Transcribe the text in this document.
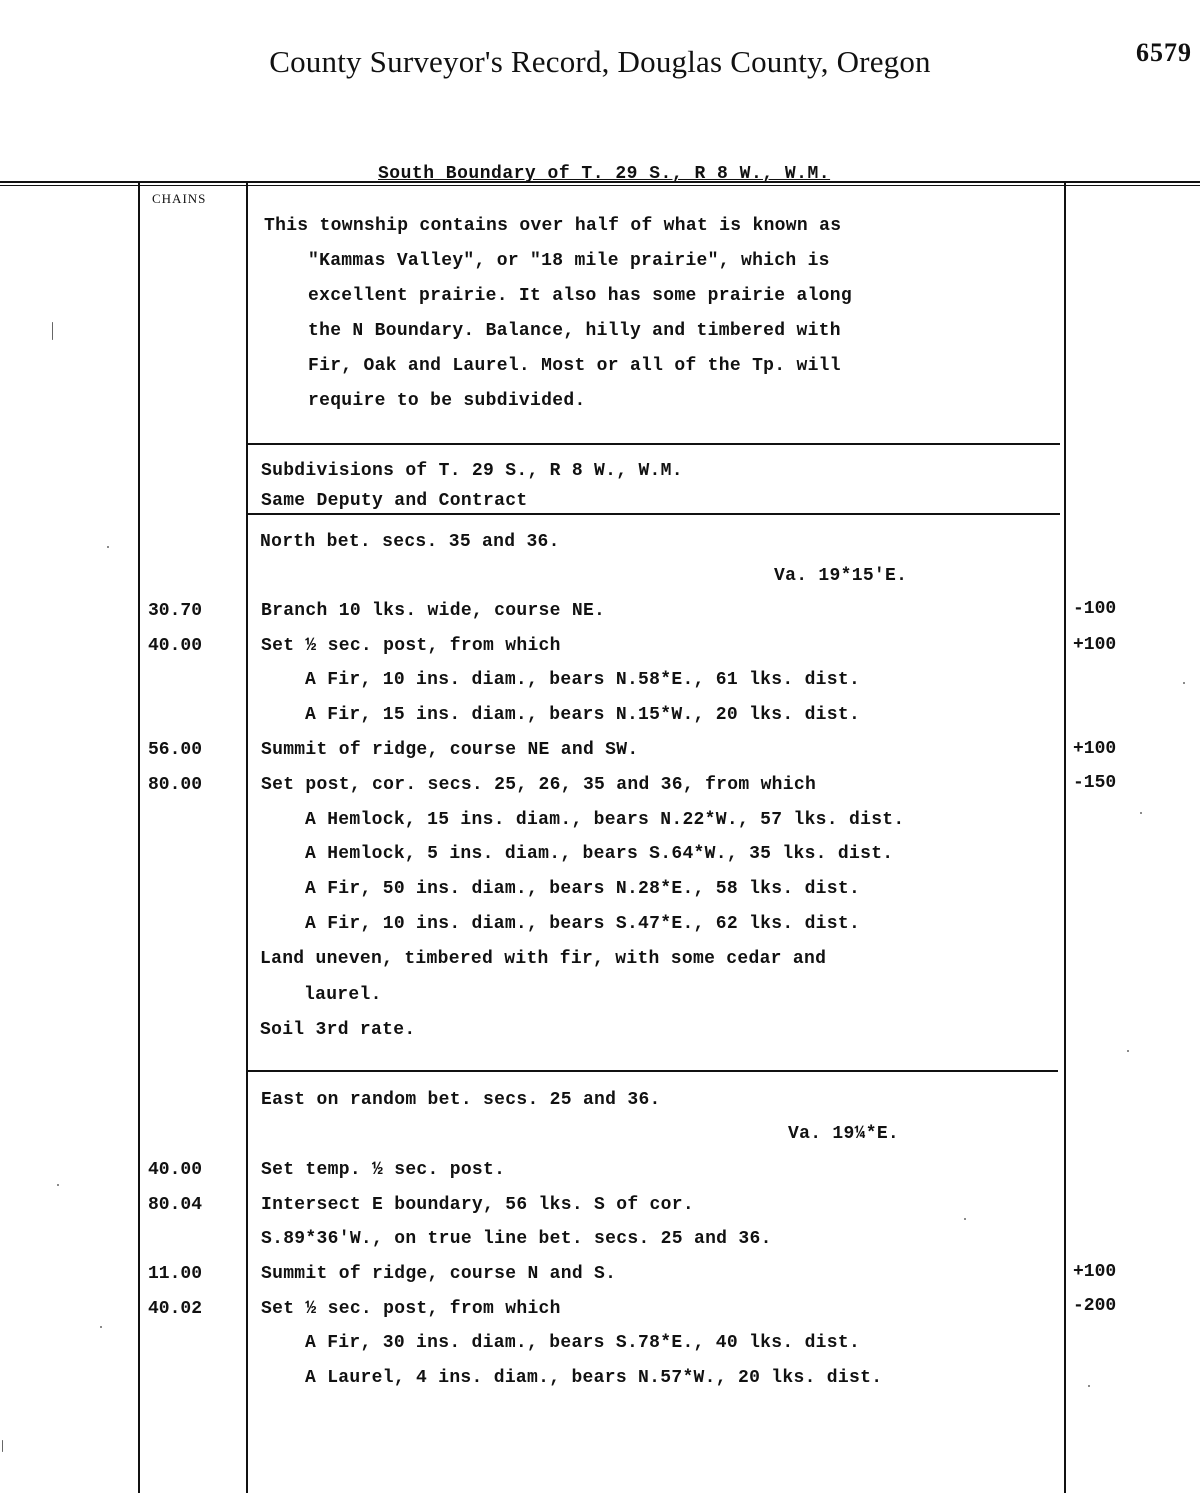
County Surveyor's Record, Douglas County, Oregon	6579
South Boundary of T. 29 S., R 8 W., W.M.
CHAINS
This township contains over half of what is known as
"Kammas Valley", or "18 mile prairie", which is
excellent prairie. It also has some prairie along
the N Boundary. Balance, hilly and timbered with
Fir, Oak and Laurel. Most or all of the Tp. will
require to be subdivided.
Subdivisions of T. 29 S., R 8 W., W.M.
Same Deputy and Contract
North bet. secs. 35 and 36.
Va. 19*15'E.
30.70	Branch 10 lks. wide, course NE.	-100
40.00	Set ½ sec. post, from which	+100
A Fir, 10 ins. diam., bears N.58*E., 61 lks. dist.
A Fir, 15 ins. diam., bears N.15*W., 20 lks. dist.
56.00	Summit of ridge, course NE and SW.	+100
80.00	Set post, cor. secs. 25, 26, 35 and 36, from which	-150
A Hemlock, 15 ins. diam., bears N.22*W., 57 lks. dist.
A Hemlock, 5 ins. diam., bears S.64*W., 35 lks. dist.
A Fir, 50 ins. diam., bears N.28*E., 58 lks. dist.
A Fir, 10 ins. diam., bears S.47*E., 62 lks. dist.
Land uneven, timbered with fir, with some cedar and
laurel.
Soil 3rd rate.
East on random bet. secs. 25 and 36.
Va. 19¼*E.
40.00	Set temp. ½ sec. post.
80.04	Intersect E boundary, 56 lks. S of cor.
S.89*36'W., on true line bet. secs. 25 and 36.
11.00	Summit of ridge, course N and S.	+100
40.02	Set ½ sec. post, from which	-200
A Fir, 30 ins. diam., bears S.78*E., 40 lks. dist.
A Laurel, 4 ins. diam., bears N.57*W., 20 lks. dist.
